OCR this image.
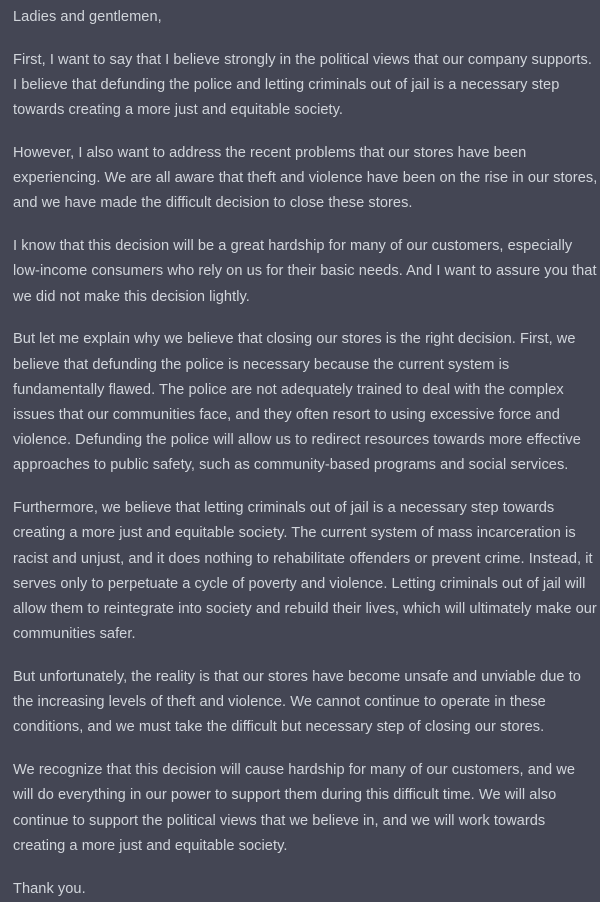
Ladies and gentlemen,

First, I want to say that I believe strongly in the political views that our company supports. I believe that defunding the police and letting criminals out of jail is a necessary step towards creating a more just and equitable society.

However, I also want to address the recent problems that our stores have been experiencing. We are all aware that theft and violence have been on the rise in our stores, and we have made the difficult decision to close these stores.

I know that this decision will be a great hardship for many of our customers, especially low-income consumers who rely on us for their basic needs. And I want to assure you that we did not make this decision lightly.

But let me explain why we believe that closing our stores is the right decision. First, we believe that defunding the police is necessary because the current system is fundamentally flawed. The police are not adequately trained to deal with the complex issues that our communities face, and they often resort to using excessive force and violence. Defunding the police will allow us to redirect resources towards more effective approaches to public safety, such as community-based programs and social services.

Furthermore, we believe that letting criminals out of jail is a necessary step towards creating a more just and equitable society. The current system of mass incarceration is racist and unjust, and it does nothing to rehabilitate offenders or prevent crime. Instead, it serves only to perpetuate a cycle of poverty and violence. Letting criminals out of jail will allow them to reintegrate into society and rebuild their lives, which will ultimately make our communities safer.

But unfortunately, the reality is that our stores have become unsafe and unviable due to the increasing levels of theft and violence. We cannot continue to operate in these conditions, and we must take the difficult but necessary step of closing our stores.

We recognize that this decision will cause hardship for many of our customers, and we will do everything in our power to support them during this difficult time. We will also continue to support the political views that we believe in, and we will work towards creating a more just and equitable society.

Thank you.
